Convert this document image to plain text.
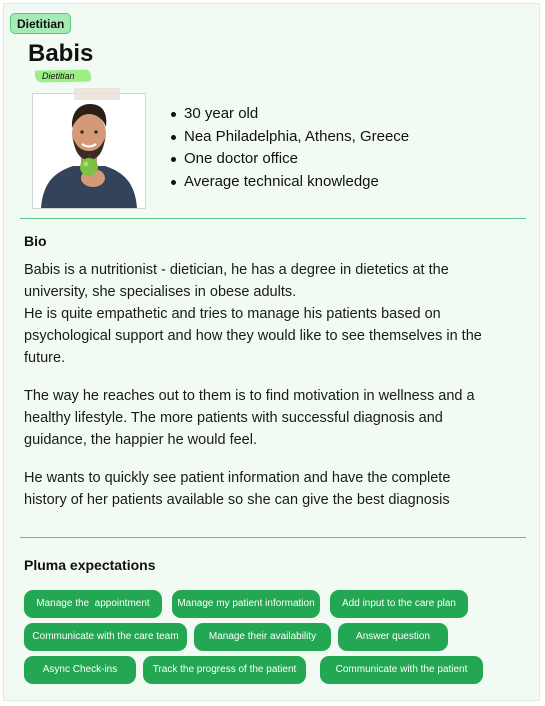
Dietitian
Babis
Dietitian
30 year old
Nea Philadelphia, Athens, Greece
One doctor office
Average technical knowledge
Bio

Babis is a nutritionist - dietician, he has a degree in dietetics at the

university, she specialises in obese adults.

He is quite empathetic and tries to manage his patients based on

psychological support and how they would like to see themselves in the

future.

The way he reaches out to them is to find motivation in wellness and a

healthy lifestyle. The more patients with successful diagnosis and

guidance, the happier he would feel.

He wants to quickly see patient information and have the complete

history of her patients available so she can give the best diagnosis

Pluma expectations
Manage the  appointment	Manage my patient information	Add input to the care plan
Communicate with the care team	Manage their availability	Answer question
Async Check-ins	Track the progress of the patient	Communicate with the patient
